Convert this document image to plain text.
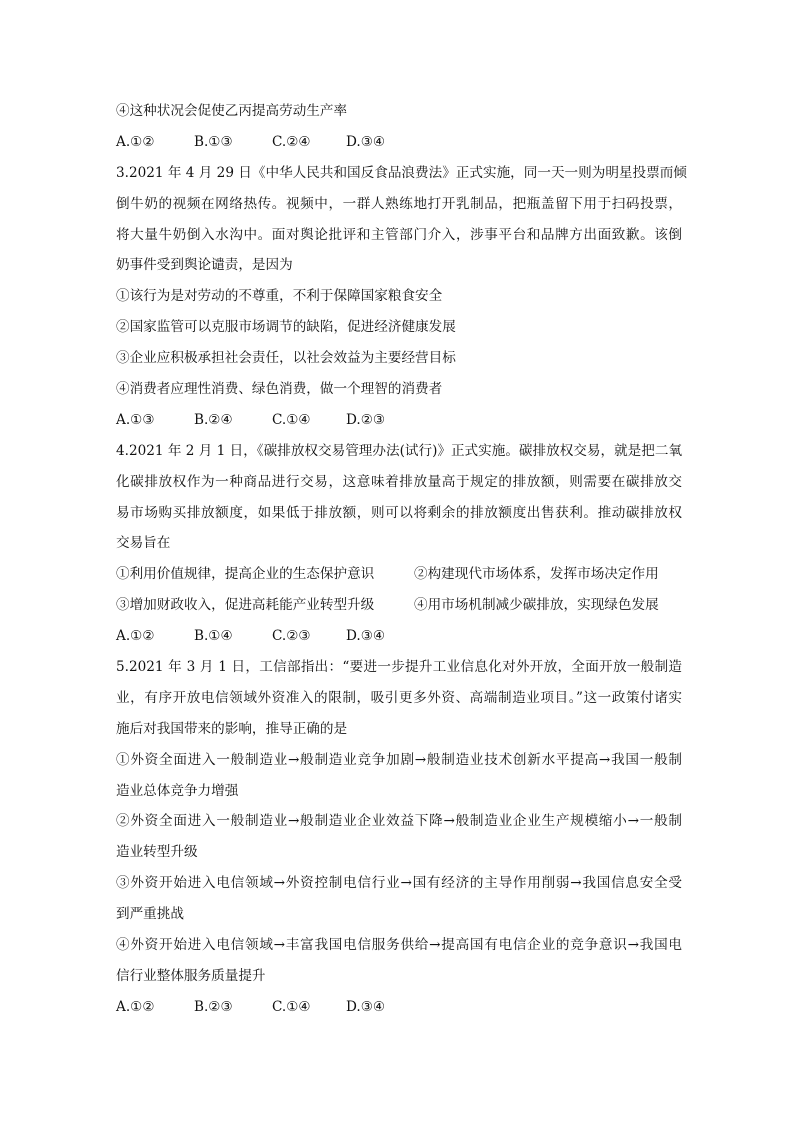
④这种状况会促使乙丙提高劳动生产率
A.①②	B.①③	C.②④	D.③④
3.2021 年 4 月 29 日《中华人民共和国反食品浪费法》正式实施，同一天一则为明星投票而倾
倒牛奶的视频在网络热传。视频中，一群人熟练地打开乳制品，把瓶盖留下用于扫码投票，
将大量牛奶倒入水沟中。面对舆论批评和主管部门介入，涉事平台和品牌方出面致歉。该倒
奶事件受到舆论谴责，是因为
①该行为是对劳动的不尊重，不利于保障国家粮食安全
②国家监管可以克服市场调节的缺陷，促进经济健康发展
③企业应积极承担社会责任，以社会效益为主要经营目标
④消费者应理性消费、绿色消费，做一个理智的消费者
A.①③	B.②④	C.①④	D.②③
4.2021 年 2 月 1 日，《碳排放权交易管理办法(试行)》正式实施。碳排放权交易，就是把二氧
化碳排放权作为一种商品进行交易，这意味着排放量高于规定的排放额，则需要在碳排放交
易市场购买排放额度，如果低于排放额，则可以将剩余的排放额度出售获利。推动碳排放权
交易旨在
①利用价值规律，提高企业的生态保护意识	②构建现代市场体系，发挥市场决定作用
③增加财政收入，促进高耗能产业转型升级	④用市场机制减少碳排放，实现绿色发展
A.①②	B.①④	C.②③	D.③④
5.2021 年 3 月 1 日，工信部指出：“要进一步提升工业信息化对外开放，全面开放一般制造
业，有序开放电信领域外资准入的限制，吸引更多外资、高端制造业项目。”这一政策付诸实
施后对我国带来的影响，推导正确的是
①外资全面进入一般制造业→般制造业竞争加剧→般制造业技术创新水平提高→我国一般制
造业总体竞争力增强
②外资全面进入一般制造业→般制造业企业效益下降→般制造业企业生产规模缩小→一般制
造业转型升级
③外资开始进入电信领域→外资控制电信行业→国有经济的主导作用削弱→我国信息安全受
到严重挑战
④外资开始进入电信领域→丰富我国电信服务供给→提高国有电信企业的竞争意识→我国电
信行业整体服务质量提升
A.①②	B.②③	C.①④	D.③④
